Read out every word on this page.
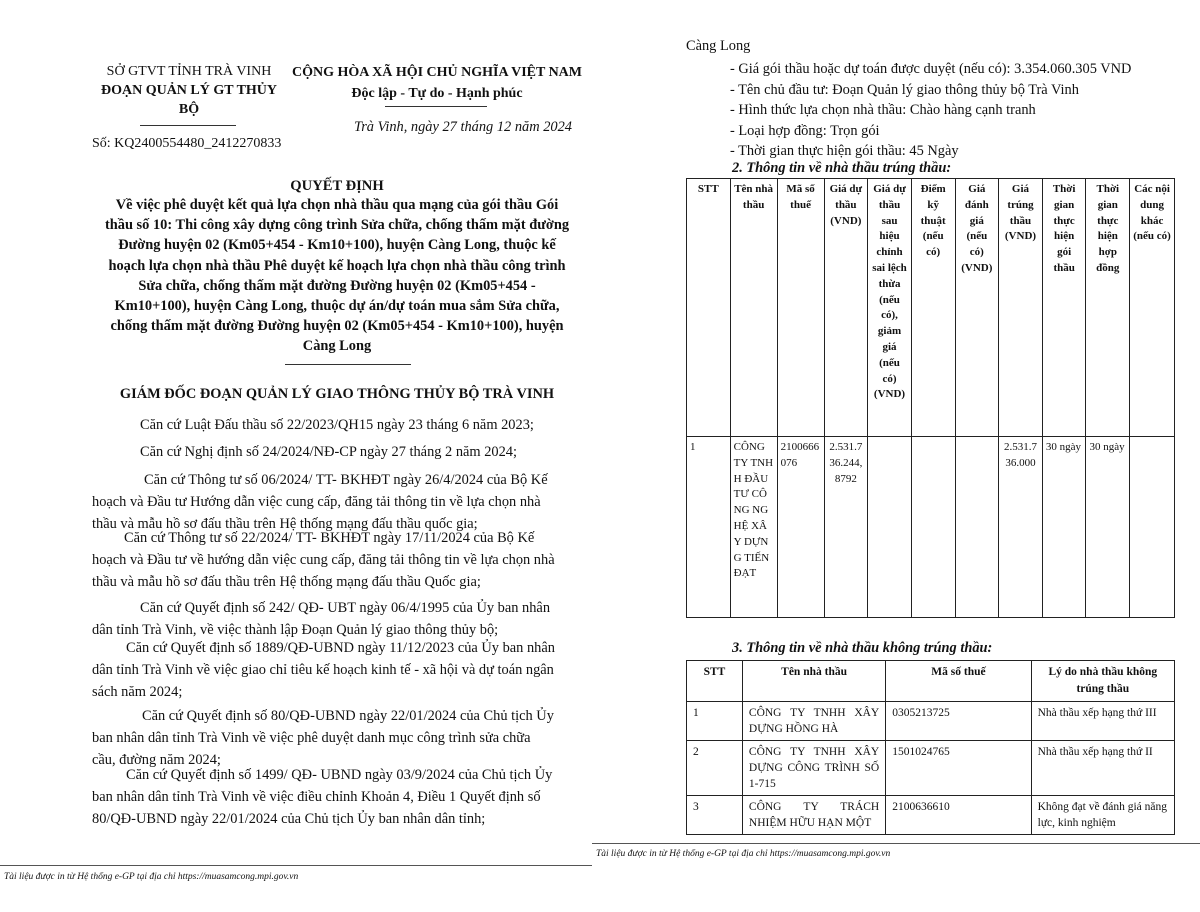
SỞ GTVT TỈNH TRÀ VINH
ĐOẠN QUẢN LÝ GT THỦY
BỘ
Số: KQ2400554480_2412270833
CỘNG HÒA XÃ HỘI CHỦ NGHĨA VIỆT NAM
Độc lập - Tự do - Hạnh phúc
Trà Vinh, ngày 27 tháng 12 năm 2024
QUYẾT ĐỊNH
Về việc phê duyệt kết quả lựa chọn nhà thầu qua mạng của gói thầu Gói
thầu số 10: Thi công xây dựng công trình Sửa chữa, chống thấm mặt đường
Đường huyện 02 (Km05+454 - Km10+100), huyện Càng Long, thuộc kế
hoạch lựa chọn nhà thầu Phê duyệt kế hoạch lựa chọn nhà thầu công trình
Sửa chữa, chống thấm mặt đường Đường huyện 02 (Km05+454 -
Km10+100), huyện Càng Long, thuộc dự án/dự toán mua sắm Sửa chữa,
chống thấm mặt đường Đường huyện 02 (Km05+454 - Km10+100), huyện
Càng Long
GIÁM ĐỐC ĐOẠN QUẢN LÝ GIAO THÔNG THỦY BỘ TRÀ VINH
Căn cứ Luật Đấu thầu số 22/2023/QH15 ngày 23 tháng 6 năm 2023;
Căn cứ Nghị định số 24/2024/NĐ-CP ngày 27 tháng 2 năm 2024;
Căn cứ Thông tư số 06/2024/ TT- BKHĐT ngày 26/4/2024 của Bộ Kế
hoạch và Đầu tư Hướng dẫn việc cung cấp, đăng tải thông tin về lựa chọn nhà
thầu và mẫu hồ sơ đấu thầu trên Hệ thống mạng đấu thầu quốc gia;
Căn cứ Thông tư số 22/2024/ TT- BKHĐT ngày 17/11/2024 của Bộ Kế
hoạch và Đầu tư về hướng dẫn việc cung cấp, đăng tải thông tin về lựa chọn nhà
thầu và mẫu hồ sơ đấu thầu trên Hệ thống mạng đấu thầu Quốc gia;
Căn cứ Quyết định số 242/ QĐ- UBT ngày 06/4/1995 của Ủy ban nhân
dân tỉnh Trà Vinh, về việc thành lập Đoạn Quản lý giao thông thủy bộ;
Căn cứ Quyết định số 1889/QĐ-UBND ngày 11/12/2023 của Ủy ban nhân
dân tỉnh Trà Vinh về việc giao chỉ tiêu kế hoạch kinh tế - xã hội và dự toán ngân
sách năm 2024;
Căn cứ Quyết định số 80/QĐ-UBND ngày 22/01/2024 của Chủ tịch Ủy
ban nhân dân tỉnh Trà Vinh về việc phê duyệt danh mục công trình sửa chữa
cầu, đường năm 2024;
Căn cứ Quyết định số 1499/ QĐ- UBND ngày 03/9/2024 của Chủ tịch Ủy
ban nhân dân tỉnh Trà Vinh về việc điều chỉnh Khoản 4, Điều 1 Quyết định số
80/QĐ-UBND ngày 22/01/2024 của Chủ tịch Ủy ban nhân dân tỉnh;
Tài liệu được in từ Hệ thống e-GP tại địa chỉ https://muasamcong.mpi.gov.vn
Càng Long
- Giá gói thầu hoặc dự toán được duyệt (nếu có): 3.354.060.305 VND
- Tên chủ đầu tư: Đoạn Quản lý giao thông thủy bộ Trà Vinh
- Hình thức lựa chọn nhà thầu: Chào hàng cạnh tranh
- Loại hợp đồng: Trọn gói
- Thời gian thực hiện gói thầu: 45 Ngày
2. Thông tin về nhà thầu trúng thầu:
STT	Tên nhà thầu	Mã số thuế	Giá dự thầu (VND)	Giá dự thầu sau hiệu chỉnh sai lệch thừa (nếu có), giảm giá (nếu có) (VND)	Điểm kỹ thuật (nếu có)	Giá đánh giá (nếu có) (VND)	Giá trúng thầu (VND)	Thời gian thực hiện gói thầu	Thời gian thực hiện hợp đồng	Các nội dung khác (nếu có)
1	CÔNG TY TNHH ĐẦU TƯ CÔNG NGHỆ XÂY DỰNG TIẾN ĐẠT	2100666076	2.531.736.244,8792				2.531.736.000	30 ngày	30 ngày	
3. Thông tin về nhà thầu không trúng thầu:
STT	Tên nhà thầu	Mã số thuế	Lý do nhà thầu không trúng thầu
1	CÔNG TY TNHH XÂY DỰNG HỒNG HÀ	0305213725	Nhà thầu xếp hạng thứ III
2	CÔNG TY TNHH XÂY DỰNG CÔNG TRÌNH SỐ 1-715	1501024765	Nhà thầu xếp hạng thứ II
3	CÔNG TY TRÁCH NHIỆM HỮU HẠN MỘT	2100636610	Không đạt về đánh giá năng lực, kinh nghiệm
Tài liệu được in từ Hệ thống e-GP tại địa chỉ https://muasamcong.mpi.gov.vn
